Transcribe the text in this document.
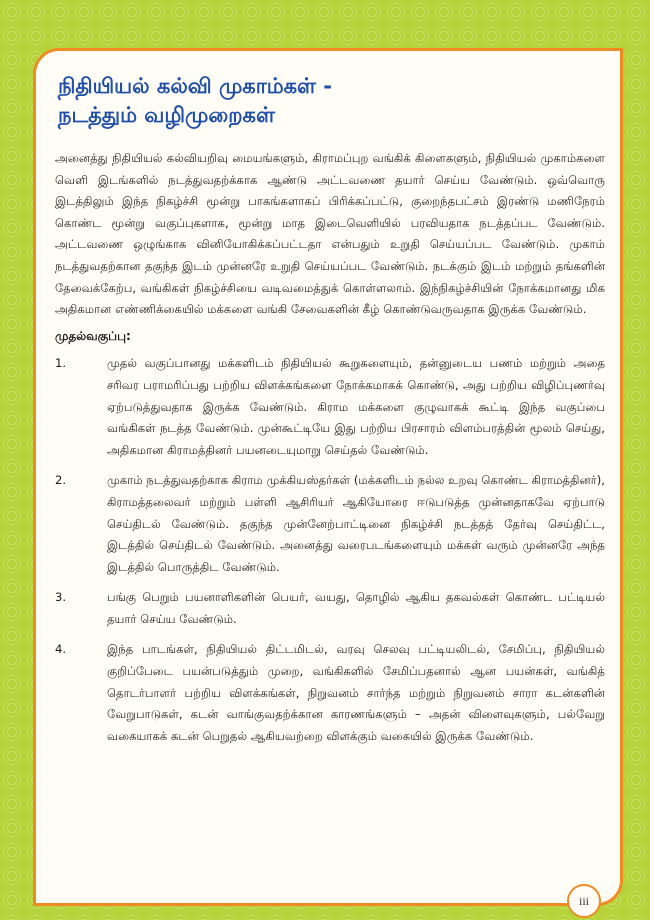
நிதியியல் கல்வி முகாம்கள் -
நடத்தும் வழிமுறைகள்

அனைத்து நிதியியல் கல்வியறிவு மையங்களும், கிராமப்புற வங்கிக் கிளைகளும், நிதியியல் முகாம்களை வெளி இடங்களில் நடத்துவதற்க்காக ஆண்டு அட்டவணை தயார் செய்ய வேண்டும். ஒவ்வொரு இடத்திலும் இந்த நிகழ்ச்சி மூன்று பாகங்களாகப் பிரிக்கப்பட்டு, குறைந்தபட்சம் இரண்டு மணிநேரம் கொண்ட மூன்று வகுப்புகளாக, மூன்று மாத இடைவெளியில் பரவியதாக நடத்தப்பட வேண்டும். அட்டவணை ஒழுங்காக வினியோகிக்கப்பட்டதா என்பதும் உறுதி செய்யப்பட வேண்டும். முகாம் நடத்துவதற்கான தகுந்த இடம் முன்னரே உறுதி செய்யப்பட வேண்டும். நடக்கும் இடம் மற்றும் தங்களின் தேவைக்கேற்ப, வங்கிகள் நிகழ்ச்சியை வடிவமைத்துக் கொள்ளலாம். இந்நிகழ்ச்சியின் நோக்கமானது மிக அதிகமான எண்ணிக்கையில் மக்களை வங்கி சேவைகளின் கீழ் கொண்டுவருவதாக இருக்க வேண்டும்.

முதல்வகுப்பு:
1.	முதல் வகுப்பானது மக்களிடம் நிதியியல் கூறுகளையும், தன்னுடைய பணம் மற்றும் அதை சரிவர பராமரிப்பது பற்றிய விளக்கங்களை நோக்கமாகக் கொண்டு, அது பற்றிய விழிப்புணர்வு ஏற்படுத்துவதாக இருக்க வேண்டும். கிராம மக்களை குழுவாகக் கூட்டி இந்த வகுப்பை வங்கிகள் நடத்த வேண்டும். முன்கூட்டியே இது பற்றிய பிரசாரம் விளம்பரத்தின் மூலம் செய்து, அதிகமான கிராமத்தினர் பயனடையுமாறு செய்தல் வேண்டும்.
2.	முகாம் நடத்துவதற்காக கிராம முக்கியஸ்தர்கள் (மக்களிடம் நல்ல உறவு கொண்ட கிராமத்தினர்), கிராமத்தலைவர் மற்றும் பள்ளி ஆசிரியர் ஆகியோரை ஈடுபடுத்த முன்னதாகவே ஏற்பாடு செய்திடல் வேண்டும். தகுந்த முன்னேற்பாட்டினை நிகழ்ச்சி நடத்தத் தேர்வு செய்திட்ட, இடத்தில் செய்திடல் வேண்டும். அனைத்து வரைபடங்களையும் மக்கள் வரும் முன்னரே அந்த இடத்தில் பொருத்திட வேண்டும்.
3.	பங்கு பெறும் பயனாளிகளின் பெயர், வயது, தொழில் ஆகிய தகவல்கள் கொண்ட பட்டியல் தயார் செய்ய வேண்டும்.
4.	இந்த பாடங்கள், நிதியியல் திட்டமிடல், வரவு செலவு பட்டியலிடல், சேமிப்பு, நிதியியல் குறிப்பேடை பயன்படுத்தும் முறை, வங்கிகளில் சேமிப்பதனால் ஆன பயன்கள், வங்கித் தொடர்பாளர் பற்றிய விளக்கங்கள், நிறுவனம் சார்ந்த மற்றும் நிறுவனம் சாரா கடன்களின் வேறுபாடுகள், கடன் வாங்குவதற்க்கான காரணங்களும் – அதன் விளைவுகளும், பல்வேறு வகையாகக் கடன் பெறுதல் ஆகியவற்றை விளக்கும் வகையில் இருக்க வேண்டும்.
iii
